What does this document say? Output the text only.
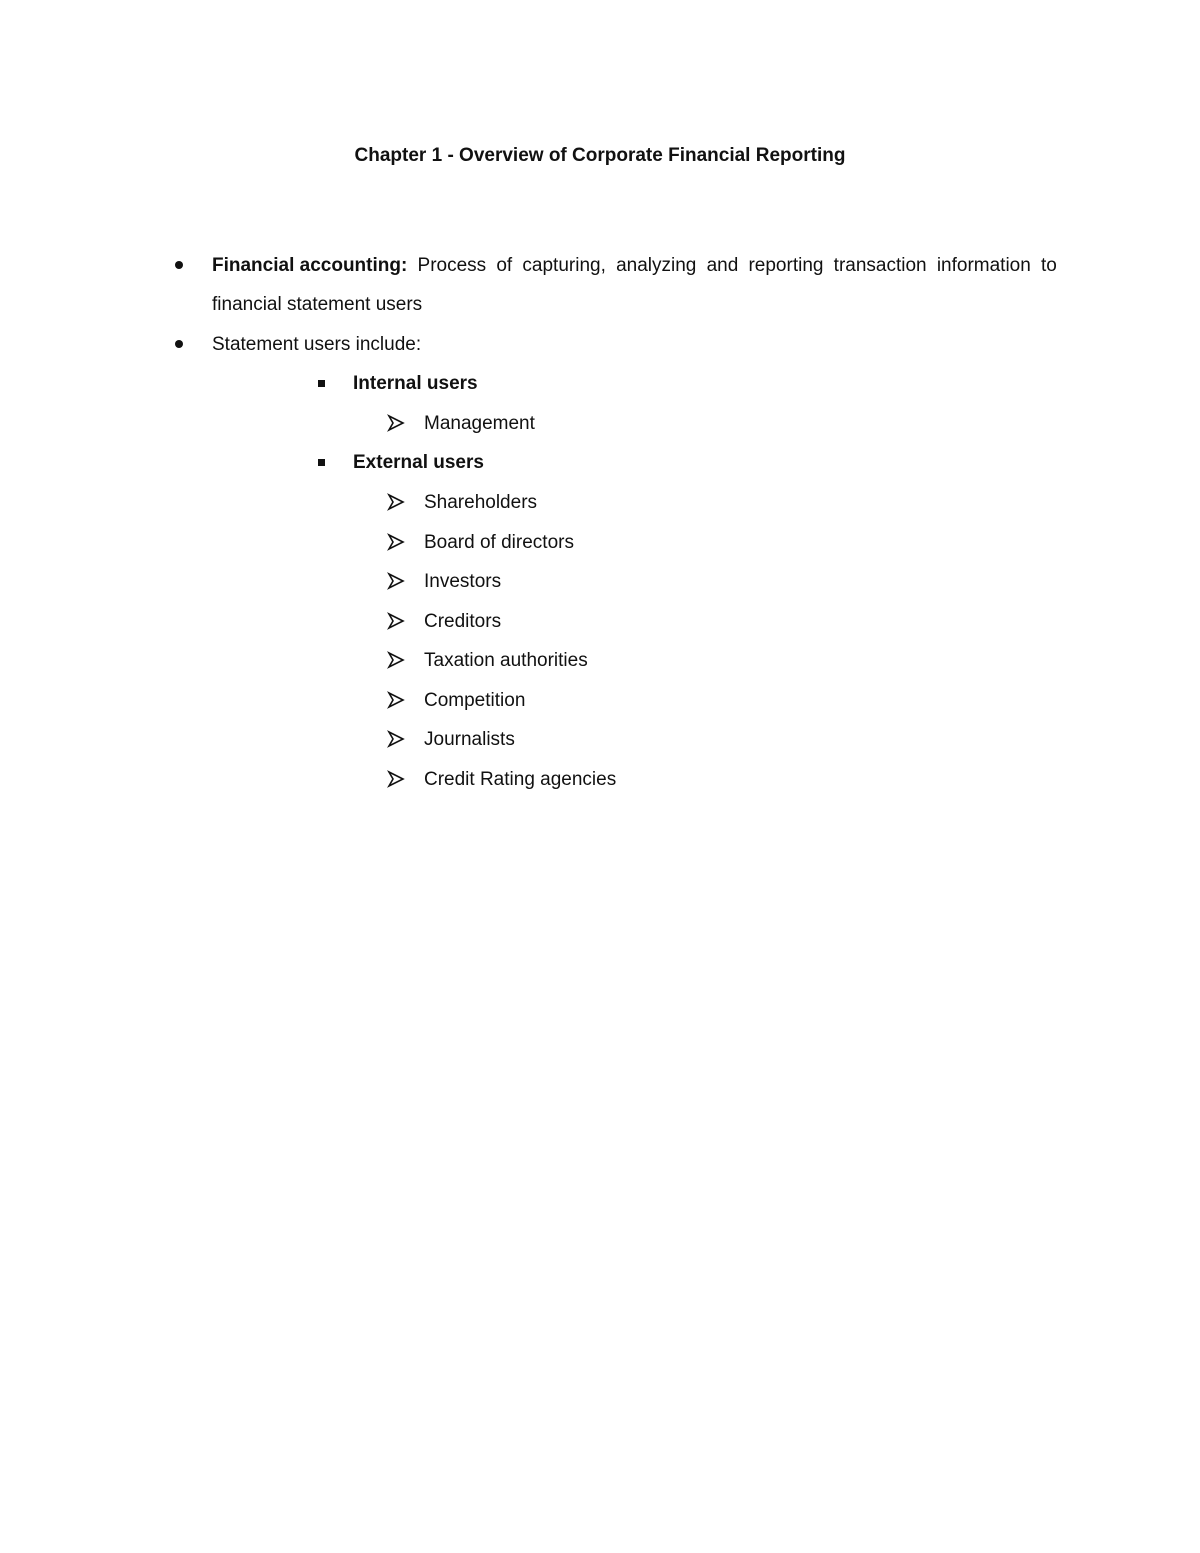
Chapter 1 - Overview of Corporate Financial Reporting
Financial accounting: Process of capturing, analyzing and reporting transaction information to
financial statement users
Statement users include:
Internal users
Management
External users
Shareholders
Board of directors
Investors
Creditors
Taxation authorities
Competition
Journalists
Credit Rating agencies
